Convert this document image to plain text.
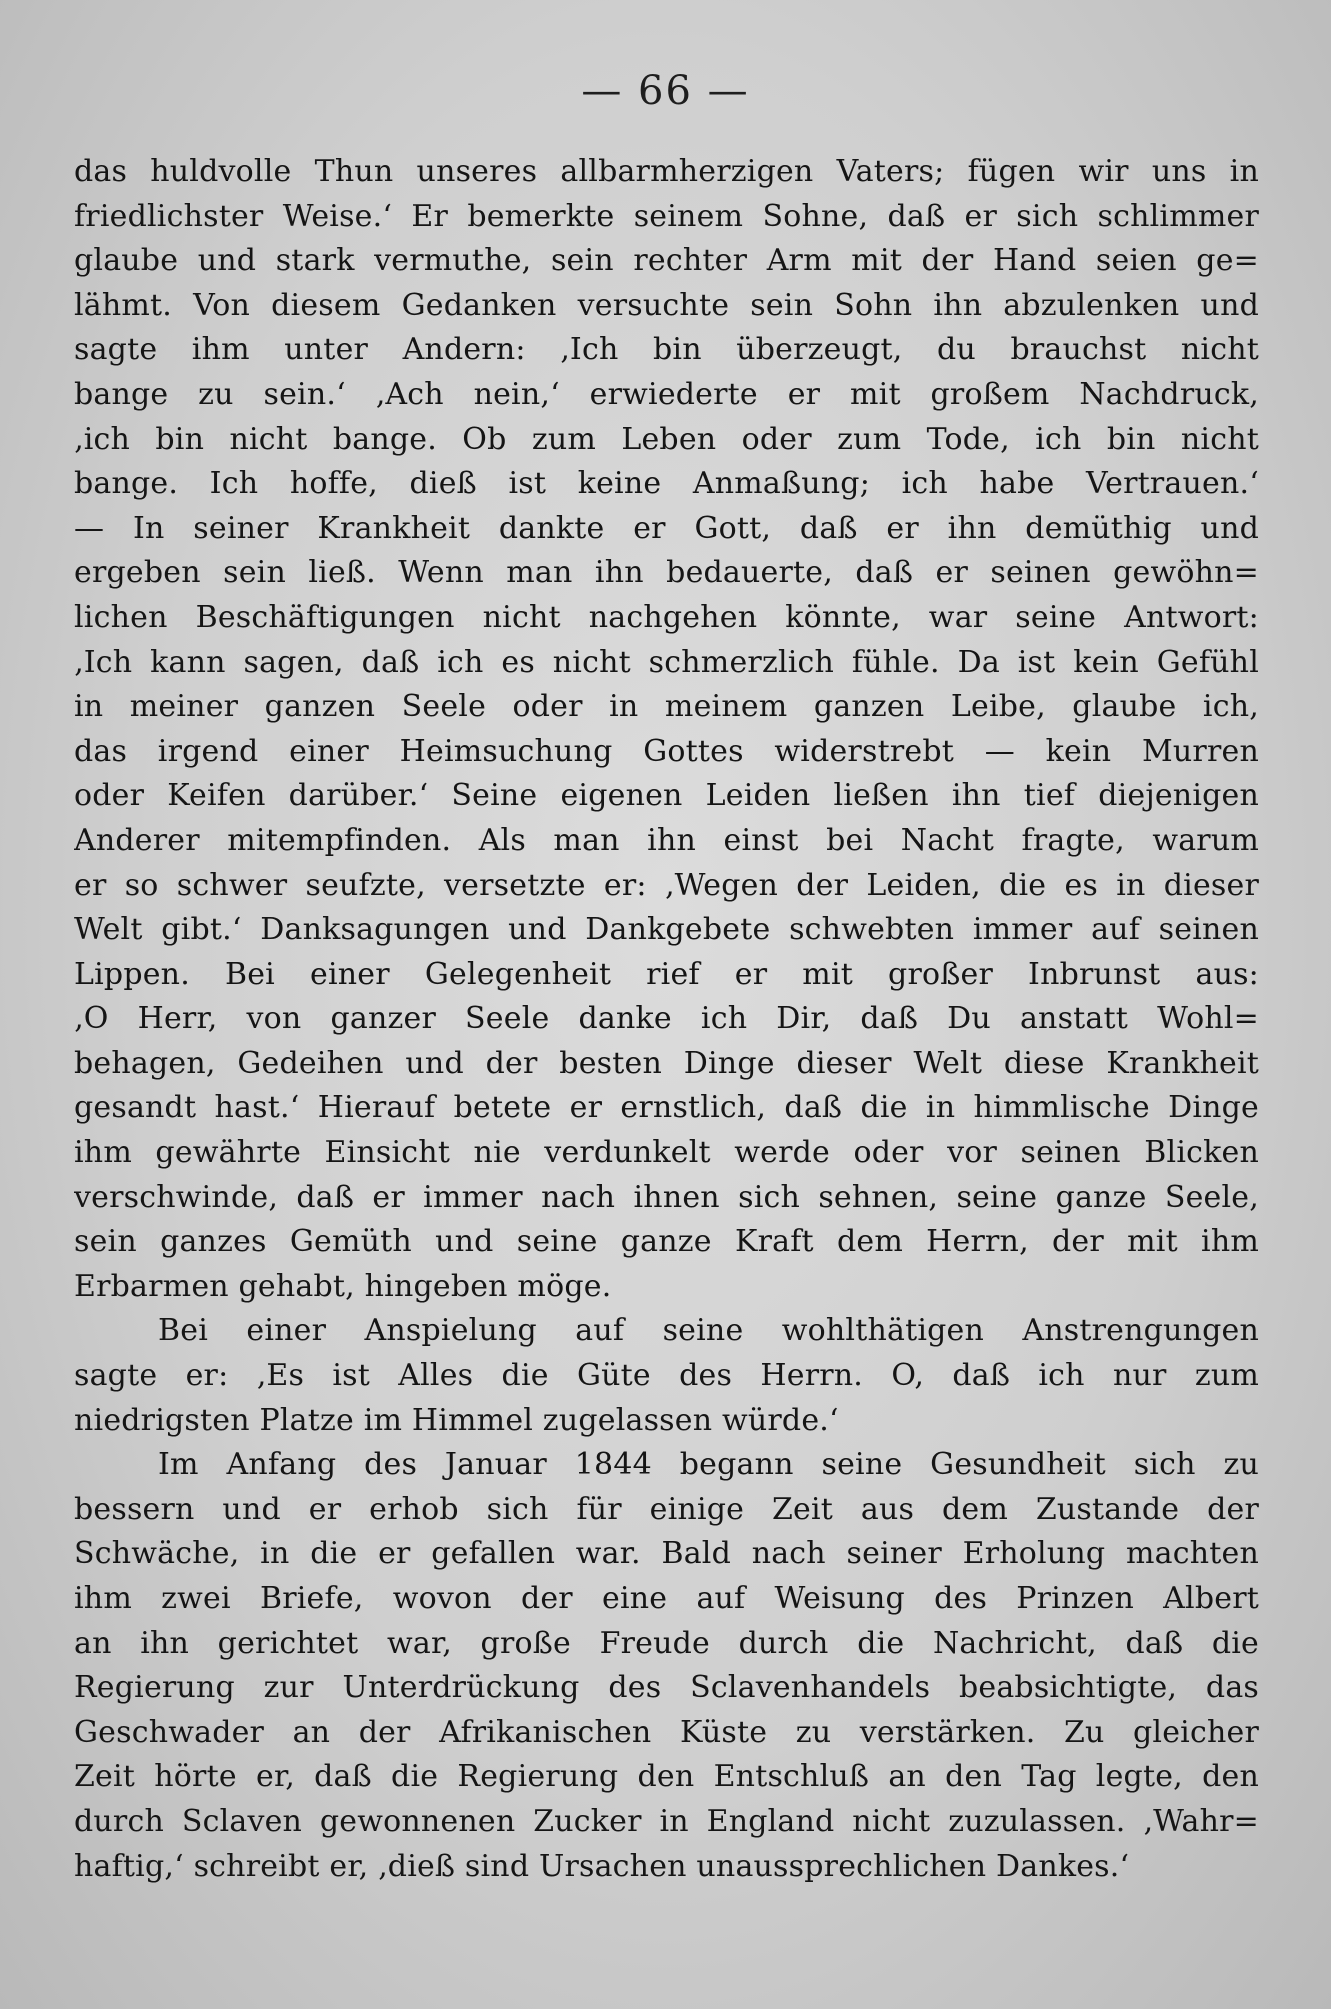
— 66 —
das huldvolle Thun unseres allbarmherzigen Vaters; fügen wir uns in
friedlichster Weise.‘ Er bemerkte seinem Sohne, daß er sich schlimmer
glaube und stark vermuthe, sein rechter Arm mit der Hand seien ge=
lähmt. Von diesem Gedanken versuchte sein Sohn ihn abzulenken und
sagte ihm unter Andern: ‚Ich bin überzeugt, du brauchst nicht
bange zu sein.‘ ‚Ach nein,‘ erwiederte er mit großem Nachdruck,
‚ich bin nicht bange. Ob zum Leben oder zum Tode, ich bin nicht
bange. Ich hoffe, dieß ist keine Anmaßung; ich habe Vertrauen.‘
— In seiner Krankheit dankte er Gott, daß er ihn demüthig und
ergeben sein ließ. Wenn man ihn bedauerte, daß er seinen gewöhn=
lichen Beschäftigungen nicht nachgehen könnte, war seine Antwort:
‚Ich kann sagen, daß ich es nicht schmerzlich fühle. Da ist kein Gefühl
in meiner ganzen Seele oder in meinem ganzen Leibe, glaube ich,
das irgend einer Heimsuchung Gottes widerstrebt — kein Murren
oder Keifen darüber.‘ Seine eigenen Leiden ließen ihn tief diejenigen
Anderer mitempfinden. Als man ihn einst bei Nacht fragte, warum
er so schwer seufzte, versetzte er: ‚Wegen der Leiden, die es in dieser
Welt gibt.‘ Danksagungen und Dankgebete schwebten immer auf seinen
Lippen. Bei einer Gelegenheit rief er mit großer Inbrunst aus:
‚O Herr, von ganzer Seele danke ich Dir, daß Du anstatt Wohl=
behagen, Gedeihen und der besten Dinge dieser Welt diese Krankheit
gesandt hast.‘ Hierauf betete er ernstlich, daß die in himmlische Dinge
ihm gewährte Einsicht nie verdunkelt werde oder vor seinen Blicken
verschwinde, daß er immer nach ihnen sich sehnen, seine ganze Seele,
sein ganzes Gemüth und seine ganze Kraft dem Herrn, der mit ihm
Erbarmen gehabt, hingeben möge.
Bei einer Anspielung auf seine wohlthätigen Anstrengungen
sagte er: ‚Es ist Alles die Güte des Herrn. O, daß ich nur zum
niedrigsten Platze im Himmel zugelassen würde.‘
Im Anfang des Januar 1844 begann seine Gesundheit sich zu
bessern und er erhob sich für einige Zeit aus dem Zustande der
Schwäche, in die er gefallen war. Bald nach seiner Erholung machten
ihm zwei Briefe, wovon der eine auf Weisung des Prinzen Albert
an ihn gerichtet war, große Freude durch die Nachricht, daß die
Regierung zur Unterdrückung des Sclavenhandels beabsichtigte, das
Geschwader an der Afrikanischen Küste zu verstärken. Zu gleicher
Zeit hörte er, daß die Regierung den Entschluß an den Tag legte, den
durch Sclaven gewonnenen Zucker in England nicht zuzulassen. ‚Wahr=
haftig,‘ schreibt er, ‚dieß sind Ursachen unaussprechlichen Dankes.‘
